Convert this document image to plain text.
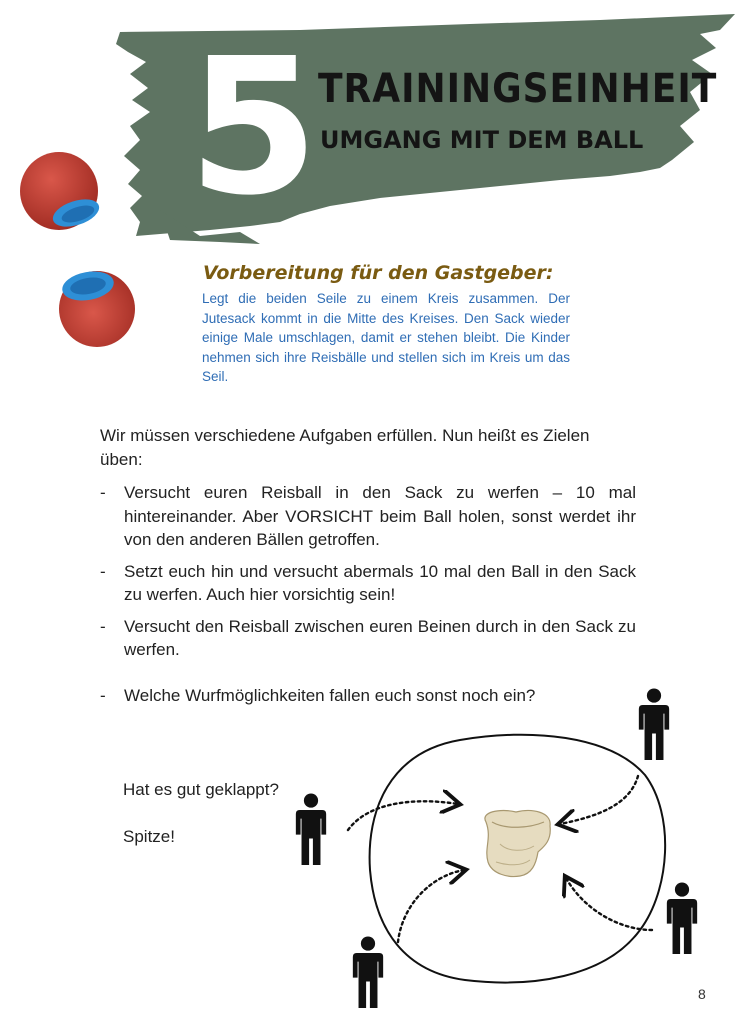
5 TRAININGSEINHEIT
UMGANG MIT DEM BALL
Vorbereitung für den Gastgeber:

Legt die beiden Seile zu einem Kreis zusammen. Der Jutesack kommt in die Mitte des Kreises. Den Sack wieder einige Male umschlagen, damit er stehen bleibt. Die Kinder nehmen sich ihre Reisbälle und stellen sich im Kreis um das Seil.

Wir müssen verschiedene Aufgaben erfüllen. Nun heißt es Zielen üben:

- Versucht euren Reisball in den Sack zu werfen – 10 mal hintereinander. Aber VORSICHT beim Ball holen, sonst werdet ihr von den anderen Bällen getroffen.
- Setzt euch hin und versucht abermals 10 mal den Ball in den Sack zu werfen. Auch hier vorsichtig sein!
- Versucht den Reisball zwischen euren Beinen durch in den Sack zu werfen.
- Welche Wurfmöglichkeiten fallen euch sonst noch ein?
Hat es gut geklappt?
Spitze!
8
